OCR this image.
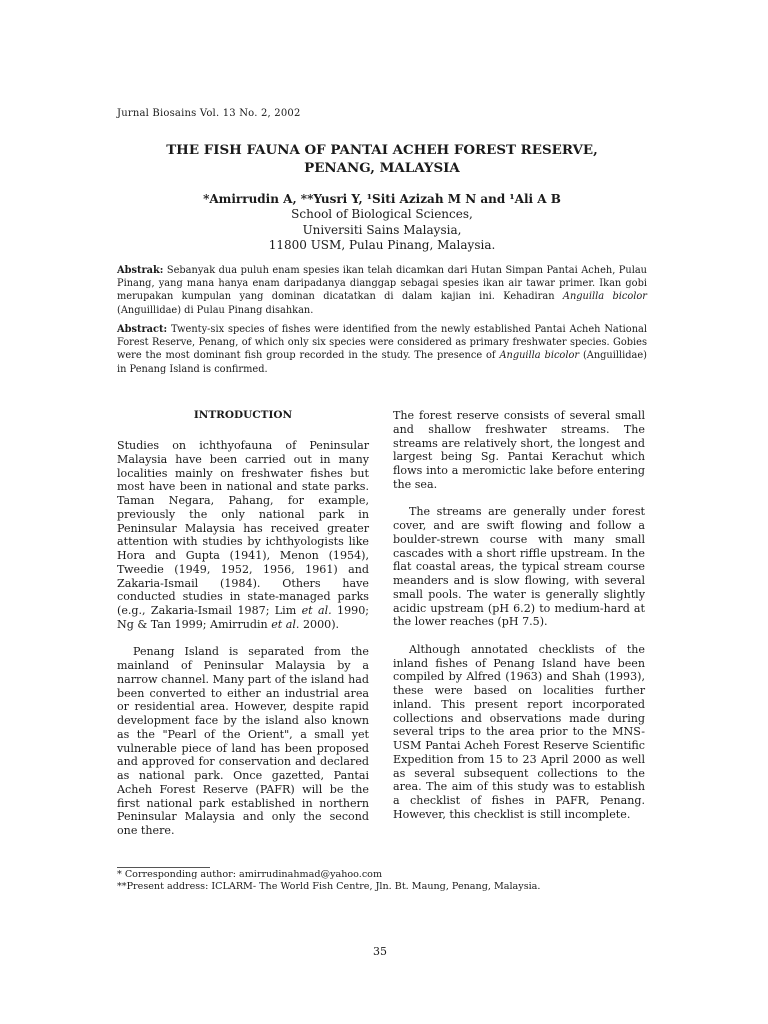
Jurnal Biosains Vol. 13 No. 2, 2002
THE FISH FAUNA OF PANTAI ACHEH FOREST RESERVE,
PENANG, MALAYSIA
*Amirrudin A, **Yusri Y, ¹Siti Azizah M N and ¹Ali A B
School of Biological Sciences,
Universiti Sains Malaysia,
11800 USM, Pulau Pinang, Malaysia.

Abstrak: Sebanyak dua puluh enam spesies ikan telah dicamkan dari Hutan Simpan Pantai Acheh, Pulau Pinang, yang mana hanya enam daripadanya dianggap sebagai spesies ikan air tawar primer. Ikan gobi merupakan kumpulan yang dominan dicatatkan di dalam kajian ini. Kehadiran Anguilla bicolor (Anguillidae) di Pulau Pinang disahkan.

Abstract: Twenty-six species of fishes were identified from the newly established Pantai Acheh National Forest Reserve, Penang, of which only six species were considered as primary freshwater species. Gobies were the most dominant fish group recorded in the study. The presence of Anguilla bicolor (Anguillidae) in Penang Island is confirmed.

INTRODUCTION

Studies on ichthyofauna of Peninsular Malaysia have been carried out in many localities mainly on freshwater fishes but most have been in national and state parks. Taman Negara, Pahang, for example, previously the only national park in Peninsular Malaysia has received greater attention with studies by ichthyologists like Hora and Gupta (1941), Menon (1954), Tweedie (1949, 1952, 1956, 1961) and Zakaria-Ismail (1984). Others have conducted studies in state-managed parks (e.g., Zakaria-Ismail 1987; Lim et al. 1990; Ng & Tan 1999; Amirrudin et al. 2000).

Penang Island is separated from the mainland of Peninsular Malaysia by a narrow channel. Many part of the island had been converted to either an industrial area or residential area. However, despite rapid development face by the island also known as the "Pearl of the Orient", a small yet vulnerable piece of land has been proposed and approved for conservation and declared as national park. Once gazetted, Pantai Acheh Forest Reserve (PAFR) will be the first national park established in northern Peninsular Malaysia and only the second one there.

The forest reserve consists of several small and shallow freshwater streams. The streams are relatively short, the longest and largest being Sg. Pantai Kerachut which flows into a meromictic lake before entering the sea.

The streams are generally under forest cover, and are swift flowing and follow a boulder-strewn course with many small cascades with a short riffle upstream. In the flat coastal areas, the typical stream course meanders and is slow flowing, with several small pools. The water is generally slightly acidic upstream (pH 6.2) to medium-hard at the lower reaches (pH 7.5).

Although annotated checklists of the inland fishes of Penang Island have been compiled by Alfred (1963) and Shah (1993), these were based on localities further inland. This present report incorporated collections and observations made during several trips to the area prior to the MNS-USM Pantai Acheh Forest Reserve Scientific Expedition from 15 to 23 April 2000 as well as several subsequent collections to the area. The aim of this study was to establish a checklist of fishes in PAFR, Penang. However, this checklist is still incomplete.

* Corresponding author: amirrudinahmad@yahoo.com
**Present address: ICLARM- The World Fish Centre, Jln. Bt. Maung, Penang, Malaysia.
35
